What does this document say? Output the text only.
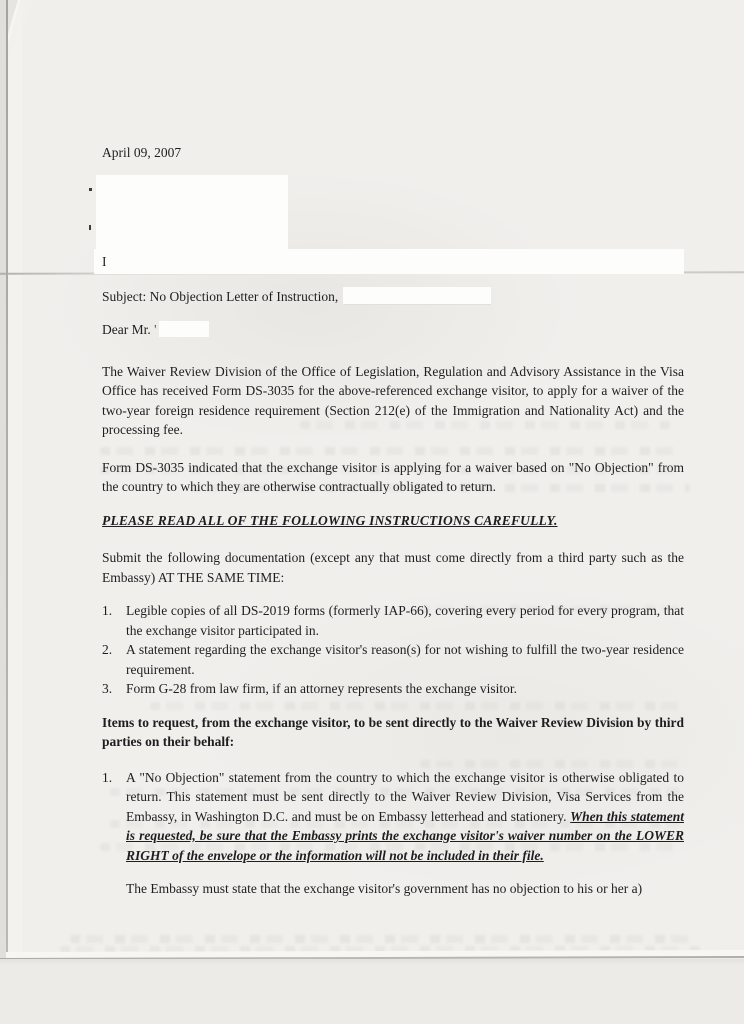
April 09, 2007
I
Subject: No Objection Letter of Instruction,
Dear Mr. '

The Waiver Review Division of the Office of Legislation, Regulation and Advisory Assistance in the Visa Office has received Form DS-3035 for the above-referenced exchange visitor, to apply for a waiver of the two-year foreign residence requirement (Section 212(e) of the Immigration and Nationality Act) and the processing fee.

Form DS-3035 indicated that the exchange visitor is applying for a waiver based on "No Objection" from the country to which they are otherwise contractually obligated to return.

PLEASE READ ALL OF THE FOLLOWING INSTRUCTIONS CAREFULLY.

Submit the following documentation (except any that must come directly from a third party such as the Embassy) AT THE SAME TIME:

1.	Legible copies of all DS-2019 forms (formerly IAP-66), covering every period for every program, that the exchange visitor participated in.
2.	A statement regarding the exchange visitor's reason(s) for not wishing to fulfill the two-year residence requirement.
3.	Form G-28 from law firm, if an attorney represents the exchange visitor.
Items to request, from the exchange visitor, to be sent directly to the Waiver Review Division by third parties on their behalf:
1.	A "No Objection" statement from the country to which the exchange visitor is otherwise obligated to return. This statement must be sent directly to the Waiver Review Division, Visa Services from the Embassy, in Washington D.C. and must be on Embassy letterhead and stationery. When this statement is requested, be sure that the Embassy prints the exchange visitor's waiver number on the LOWER RIGHT of the envelope or the information will not be included in their file.

The Embassy must state that the exchange visitor's government has no objection to his or her a)
